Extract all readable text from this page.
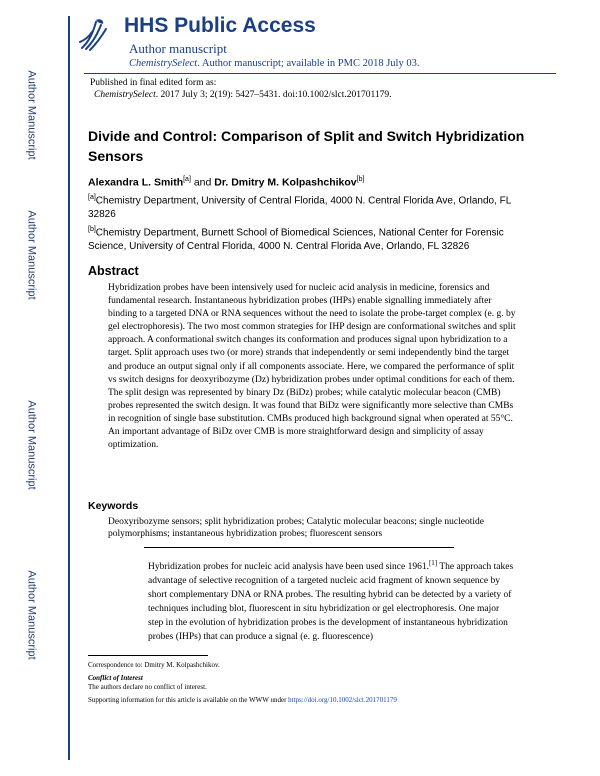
Author Manuscript
Author Manuscript
Author Manuscript
Author Manuscript
HHS Public Access
Author manuscript
ChemistrySelect. Author manuscript; available in PMC 2018 July 03.
Published in final edited form as:
ChemistrySelect. 2017 July 3; 2(19): 5427–5431. doi:10.1002/slct.201701179.
Divide and Control: Comparison of Split and Switch Hybridization Sensors
Alexandra L. Smith[a] and Dr. Dmitry M. Kolpashchikov[b]
[a]Chemistry Department, University of Central Florida, 4000 N. Central Florida Ave, Orlando, FL 32826
[b]Chemistry Department, Burnett School of Biomedical Sciences, National Center for Forensic Science, University of Central Florida, 4000 N. Central Florida Ave, Orlando, FL 32826
Abstract
Hybridization probes have been intensively used for nucleic acid analysis in medicine, forensics and fundamental research. Instantaneous hybridization probes (IHPs) enable signalling immediately after binding to a targeted DNA or RNA sequences without the need to isolate the probe-target complex (e. g. by gel electrophoresis). The two most common strategies for IHP design are conformational switches and split approach. A conformational switch changes its conformation and produces signal upon hybridization to a target. Split approach uses two (or more) strands that independently or semi independently bind the target and produce an output signal only if all components associate. Here, we compared the performance of split vs switch designs for deoxyribozyme (Dz) hybridization probes under optimal conditions for each of them. The split design was represented by binary Dz (BiDz) probes; while catalytic molecular beacon (CMB) probes represented the switch design. It was found that BiDz were significantly more selective than CMBs in recognition of single base substitution. CMBs produced high background signal when operated at 55°C. An important advantage of BiDz over CMB is more straightforward design and simplicity of assay optimization.
Keywords
Deoxyribozyme sensors; split hybridization probes; Catalytic molecular beacons; single nucleotide polymorphisms; instantaneous hybridization probes; fluorescent sensors
Hybridization probes for nucleic acid analysis have been used since 1961.[1] The approach takes advantage of selective recognition of a targeted nucleic acid fragment of known sequence by short complementary DNA or RNA probes. The resulting hybrid can be detected by a variety of techniques including blot, fluorescent in situ hybridization or gel electrophoresis. One major step in the evolution of hybridization probes is the development of instantaneous hybridization probes (IHPs) that can produce a signal (e. g. fluorescence)
Correspondence to: Dmitry M. Kolpashchikov.
Conflict of Interest
The authors declare no conflict of interest.
Supporting information for this article is available on the WWW under https://doi.org/10.1002/slct.201701179
